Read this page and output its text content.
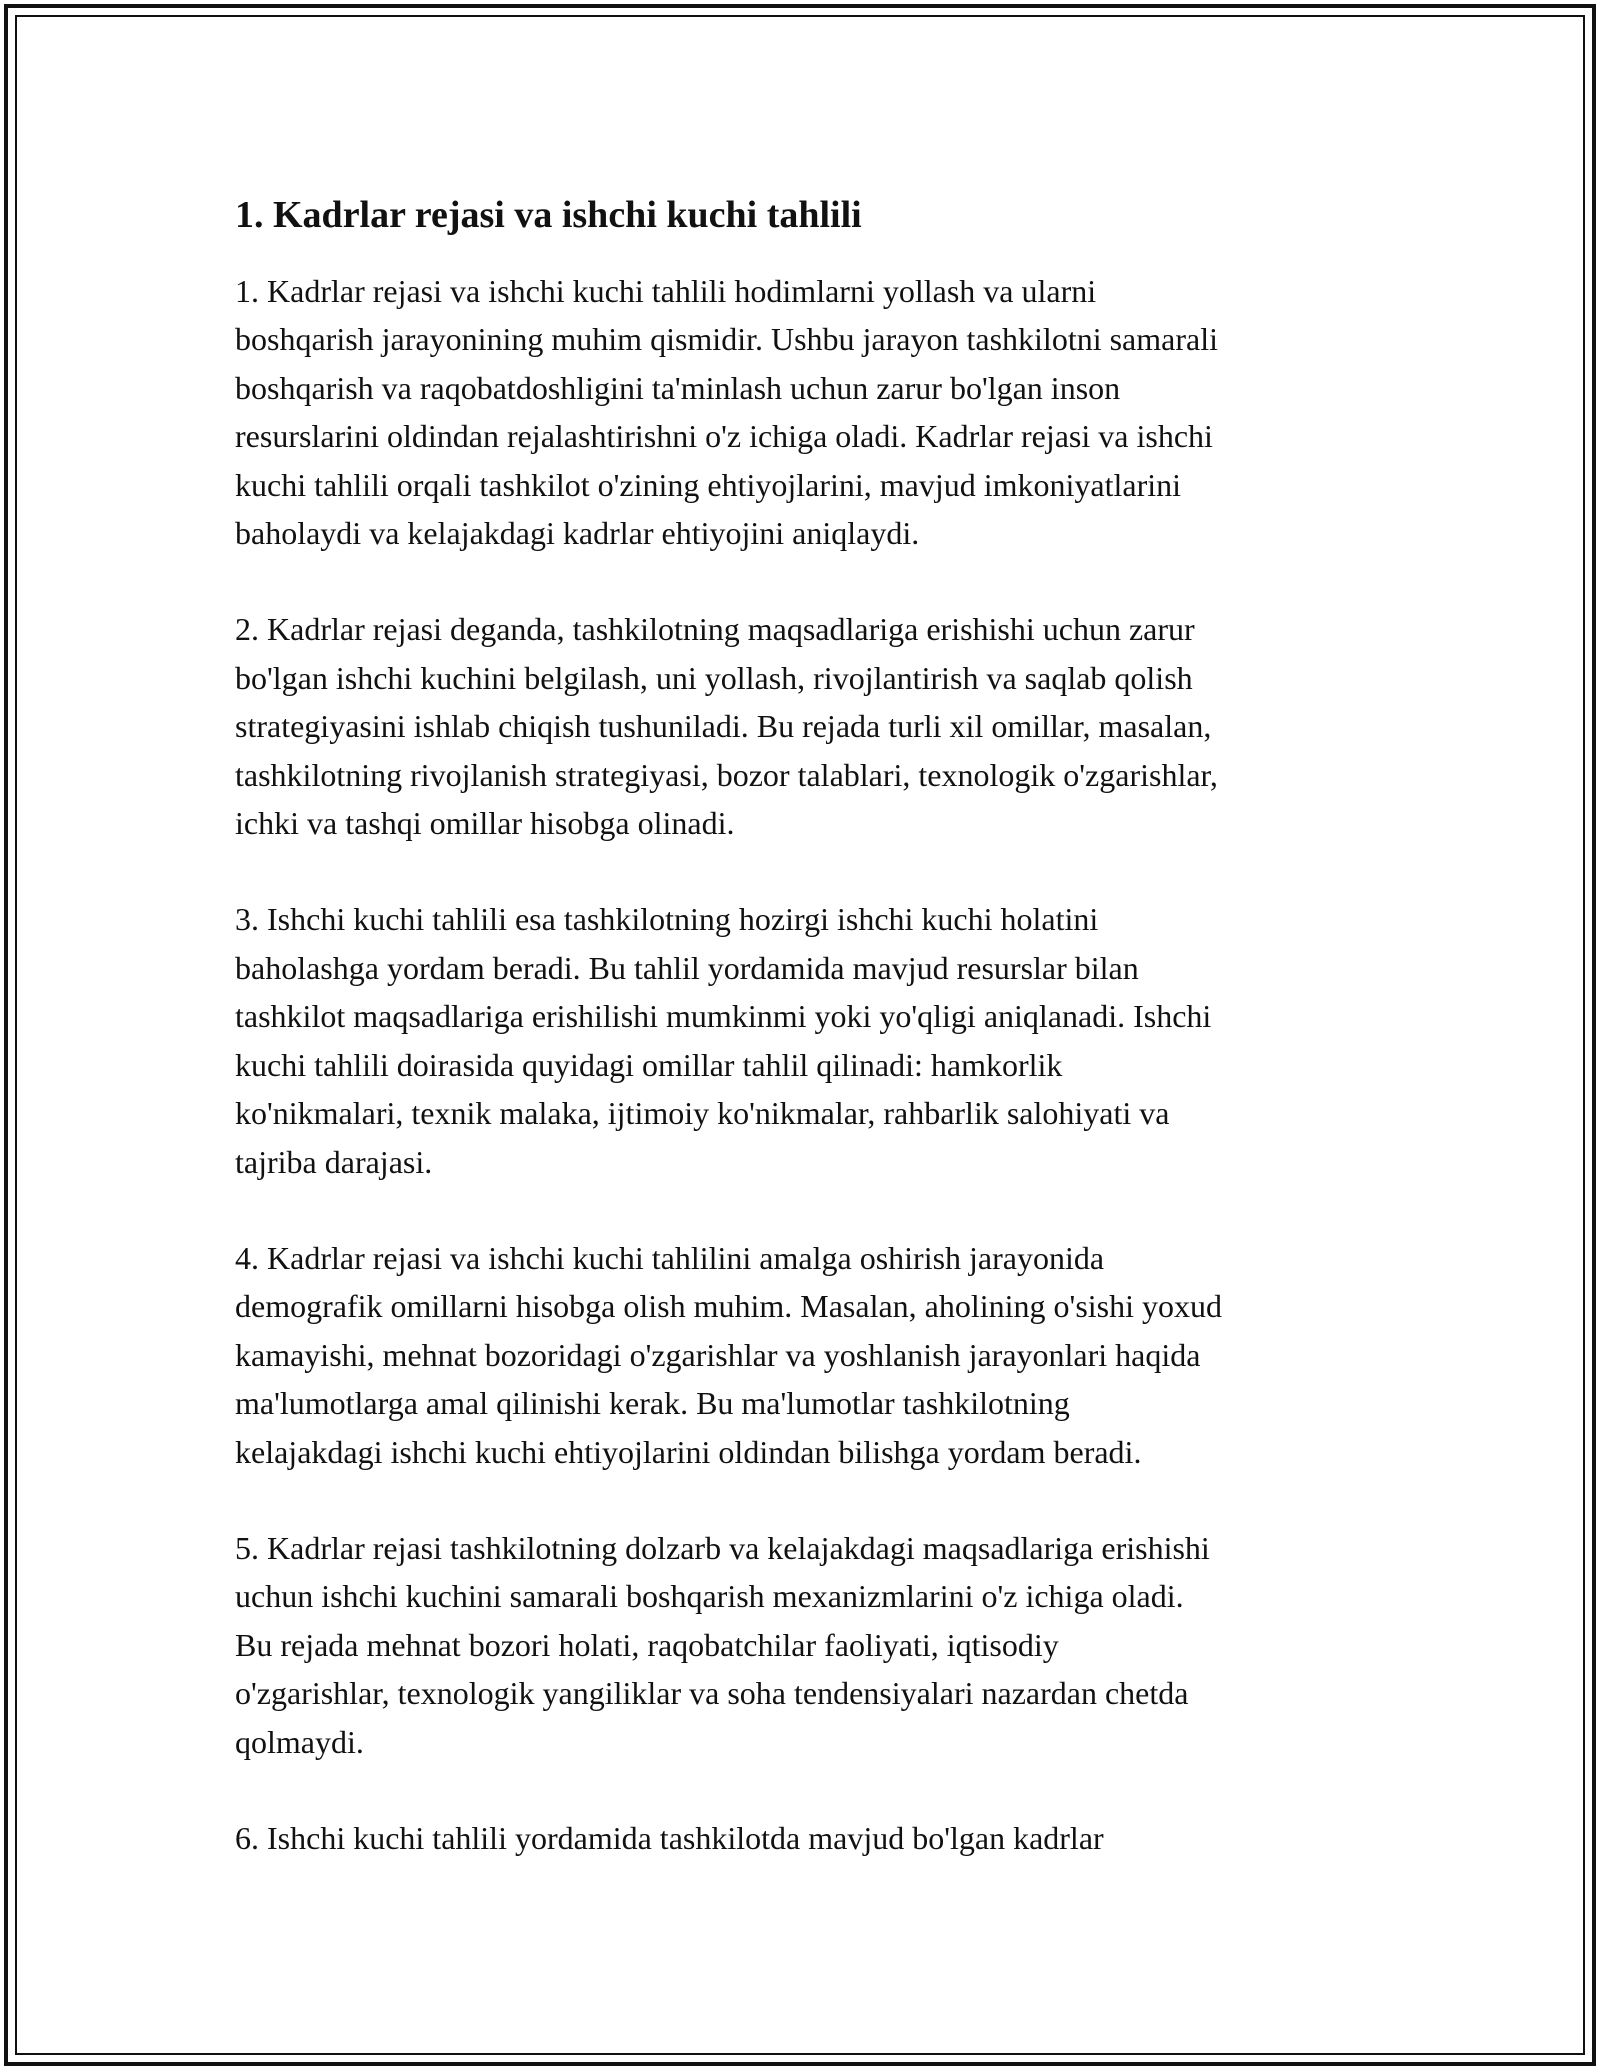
1. Kadrlar rejasi va ishchi kuchi tahlili

1. Kadrlar rejasi va ishchi kuchi tahlili hodimlarni yollash va ularni
boshqarish jarayonining muhim qismidir. Ushbu jarayon tashkilotni samarali
boshqarish va raqobatdoshligini ta'minlash uchun zarur bo'lgan inson
resurslarini oldindan rejalashtirishni o'z ichiga oladi. Kadrlar rejasi va ishchi
kuchi tahlili orqali tashkilot o'zining ehtiyojlarini, mavjud imkoniyatlarini
baholaydi va kelajakdagi kadrlar ehtiyojini aniqlaydi.

2. Kadrlar rejasi deganda, tashkilotning maqsadlariga erishishi uchun zarur
bo'lgan ishchi kuchini belgilash, uni yollash, rivojlantirish va saqlab qolish
strategiyasini ishlab chiqish tushuniladi. Bu rejada turli xil omillar, masalan,
tashkilotning rivojlanish strategiyasi, bozor talablari, texnologik o'zgarishlar,
ichki va tashqi omillar hisobga olinadi.

3. Ishchi kuchi tahlili esa tashkilotning hozirgi ishchi kuchi holatini
baholashga yordam beradi. Bu tahlil yordamida mavjud resurslar bilan
tashkilot maqsadlariga erishilishi mumkinmi yoki yo'qligi aniqlanadi. Ishchi
kuchi tahlili doirasida quyidagi omillar tahlil qilinadi: hamkorlik
ko'nikmalari, texnik malaka, ijtimoiy ko'nikmalar, rahbarlik salohiyati va
tajriba darajasi.

4. Kadrlar rejasi va ishchi kuchi tahlilini amalga oshirish jarayonida
demografik omillarni hisobga olish muhim. Masalan, aholining o'sishi yoxud
kamayishi, mehnat bozoridagi o'zgarishlar va yoshlanish jarayonlari haqida
ma'lumotlarga amal qilinishi kerak. Bu ma'lumotlar tashkilotning
kelajakdagi ishchi kuchi ehtiyojlarini oldindan bilishga yordam beradi.

5. Kadrlar rejasi tashkilotning dolzarb va kelajakdagi maqsadlariga erishishi
uchun ishchi kuchini samarali boshqarish mexanizmlarini o'z ichiga oladi.
Bu rejada mehnat bozori holati, raqobatchilar faoliyati, iqtisodiy
o'zgarishlar, texnologik yangiliklar va soha tendensiyalari nazardan chetda
qolmaydi.

6. Ishchi kuchi tahlili yordamida tashkilotda mavjud bo'lgan kadrlar
